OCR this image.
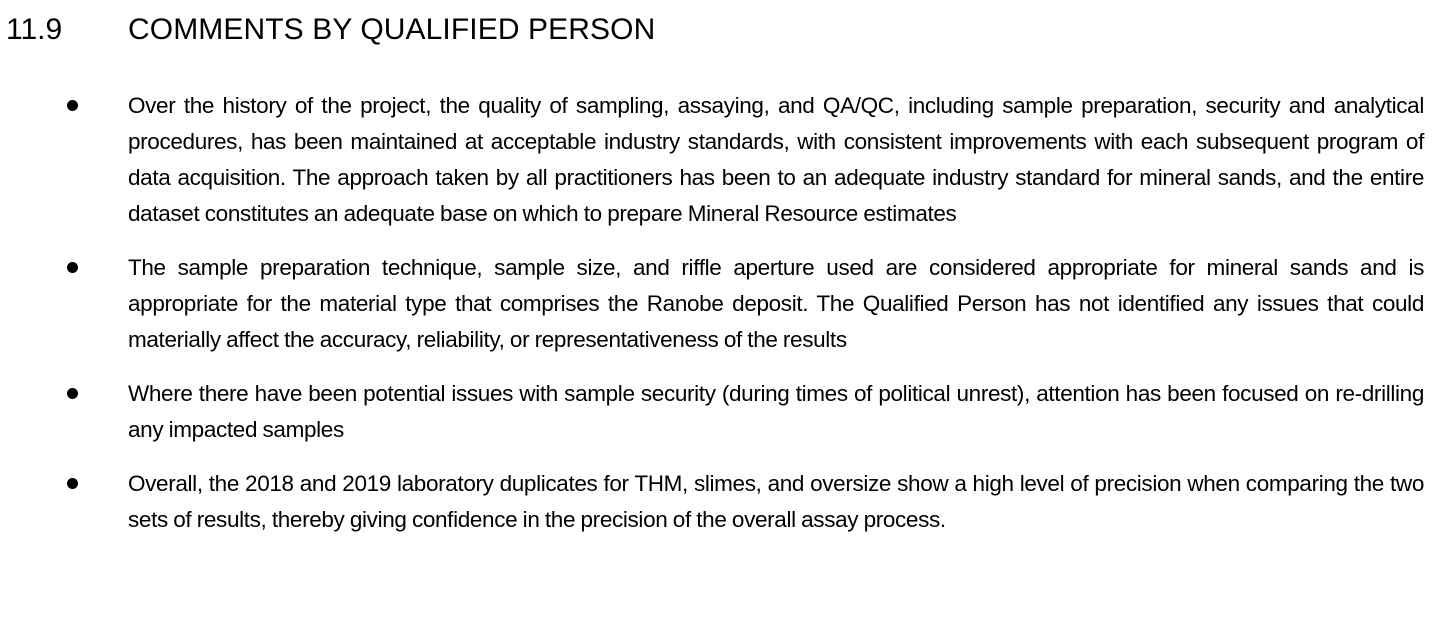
11.9 COMMENTS BY QUALIFIED PERSON
Over the history of the project, the quality of sampling, assaying, and QA/QC, including sample preparation, security and analytical procedures, has been maintained at acceptable industry standards, with consistent improvements with each subsequent program of data acquisition. The approach taken by all practitioners has been to an adequate industry standard for mineral sands, and the entire dataset constitutes an adequate base on which to prepare Mineral Resource estimates
The sample preparation technique, sample size, and riffle aperture used are considered appropriate for mineral sands and is appropriate for the material type that comprises the Ranobe deposit. The Qualified Person has not identified any issues that could materially affect the accuracy, reliability, or representativeness of the results
Where there have been potential issues with sample security (during times of political unrest), attention has been focused on re-drilling any impacted samples
Overall, the 2018 and 2019 laboratory duplicates for THM, slimes, and oversize show a high level of precision when comparing the two sets of results, thereby giving confidence in the precision of the overall assay process.
